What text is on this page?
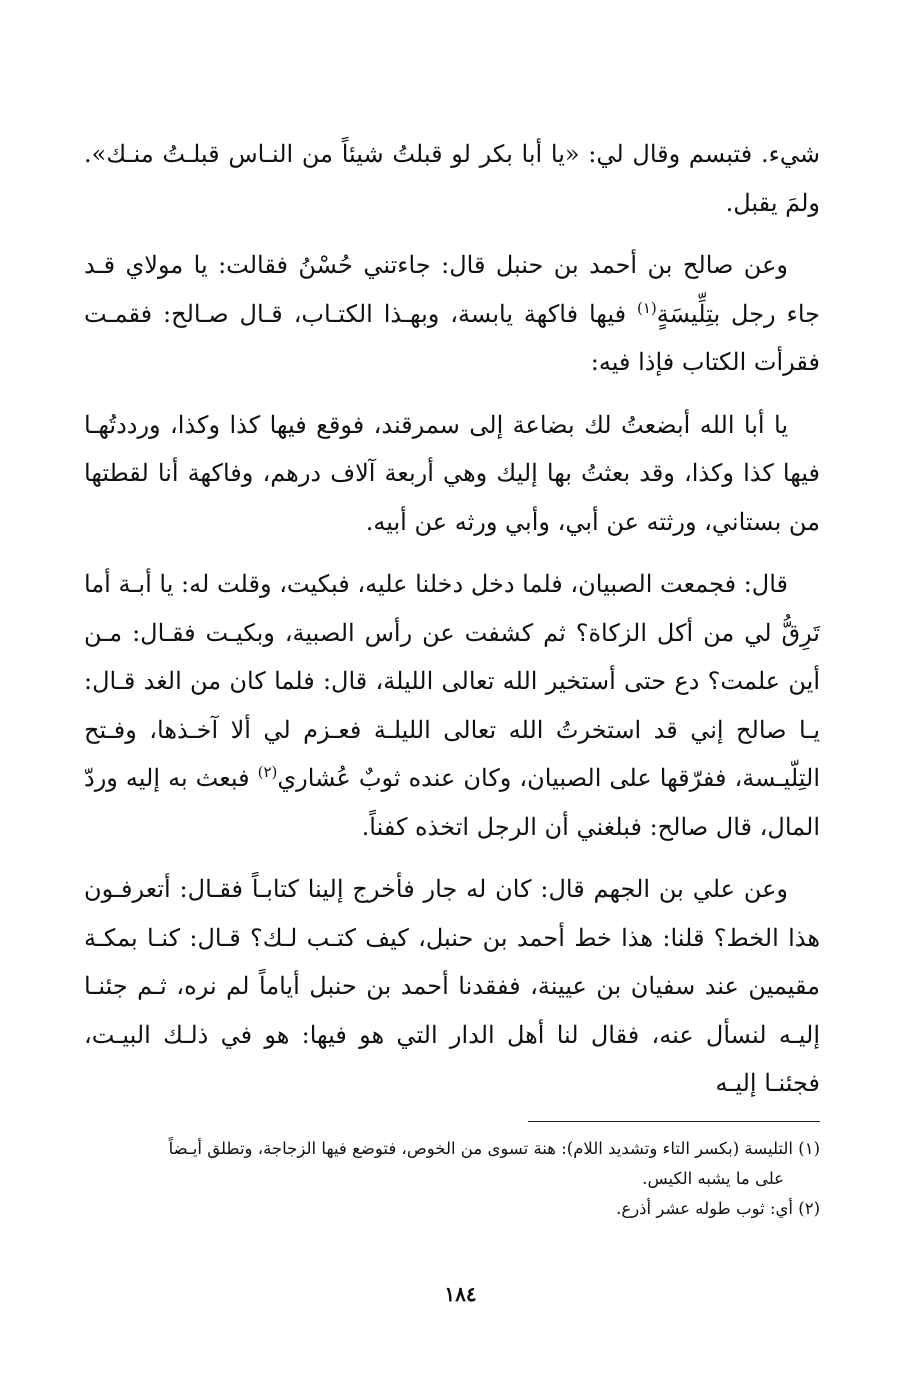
شيء. فتبسم وقال لي: «يا أبا بكر لو قبلتُ شيئاً من النـاس قبلـتُ منـك». ولمَ يقبل.

وعن صالح بن أحمد بن حنبل قال: جاءتني حُسْنُ فقالت: يا مولاي قـد جاء رجل بتِلِّيسَةٍ$^{(١)}$ فيها فاكهة يابسة، وبهـذا الكتـاب، قـال صـالح: فقمـت فقرأت الكتاب فإذا فيه:

يا أبا الله أبضعتُ لك بضاعة إلى سمرقند، فوقع فيها كذا وكذا، ورددتُهـا فيها كذا وكذا، وقد بعثتُ بها إليك وهي أربعة آلاف درهم، وفاكهة أنا لقطتها من بستاني، ورثته عن أبي، وأبي ورثه عن أبيه.

قال: فجمعت الصبيان، فلما دخل دخلنا عليه، فبكيت، وقلت له: يا أبـة أما تَرِقُّ لي من أكل الزكاة؟ ثم كشفت عن رأس الصبية، وبكيـت فقـال: مـن أين علمت؟ دع حتى أستخير الله تعالى الليلة، قال: فلما كان من الغد قـال: يـا صالح إني قد استخرتُ الله تعالى الليلـة فعـزم لي ألا آخـذها، وفـتح التِلّيـسة، ففرّقها على الصبيان، وكان عنده ثوبٌ عُشاري$^{(٢)}$ فبعث به إليه وردّ المال، قال صالح: فبلغني أن الرجل اتخذه كفناً.

وعن علي بن الجهم قال: كان له جار فأخرج إلينا كتابـاً فقـال: أتعرفـون هذا الخط؟ قلنا: هذا خط أحمد بن حنبل، كيف كتـب لـك؟ قـال: كنـا بمكـة مقيمين عند سفيان بن عيينة، ففقدنا أحمد بن حنبل أياماً لم نره، ثـم جئنـا إليـه لنسأل عنه، فقال لنا أهل الدار التي هو فيها: هو في ذلـك البيـت، فجئنـا إليـه

(١) التليسة (بكسر التاء وتشديد اللام): هنة تسوى من الخوص، فتوضع فيها الزجاجة، وتطلق أيـضاً

على ما يشبه الكيس.

(٢) أي: ثوب طوله عشر أذرع.

١٨٤
